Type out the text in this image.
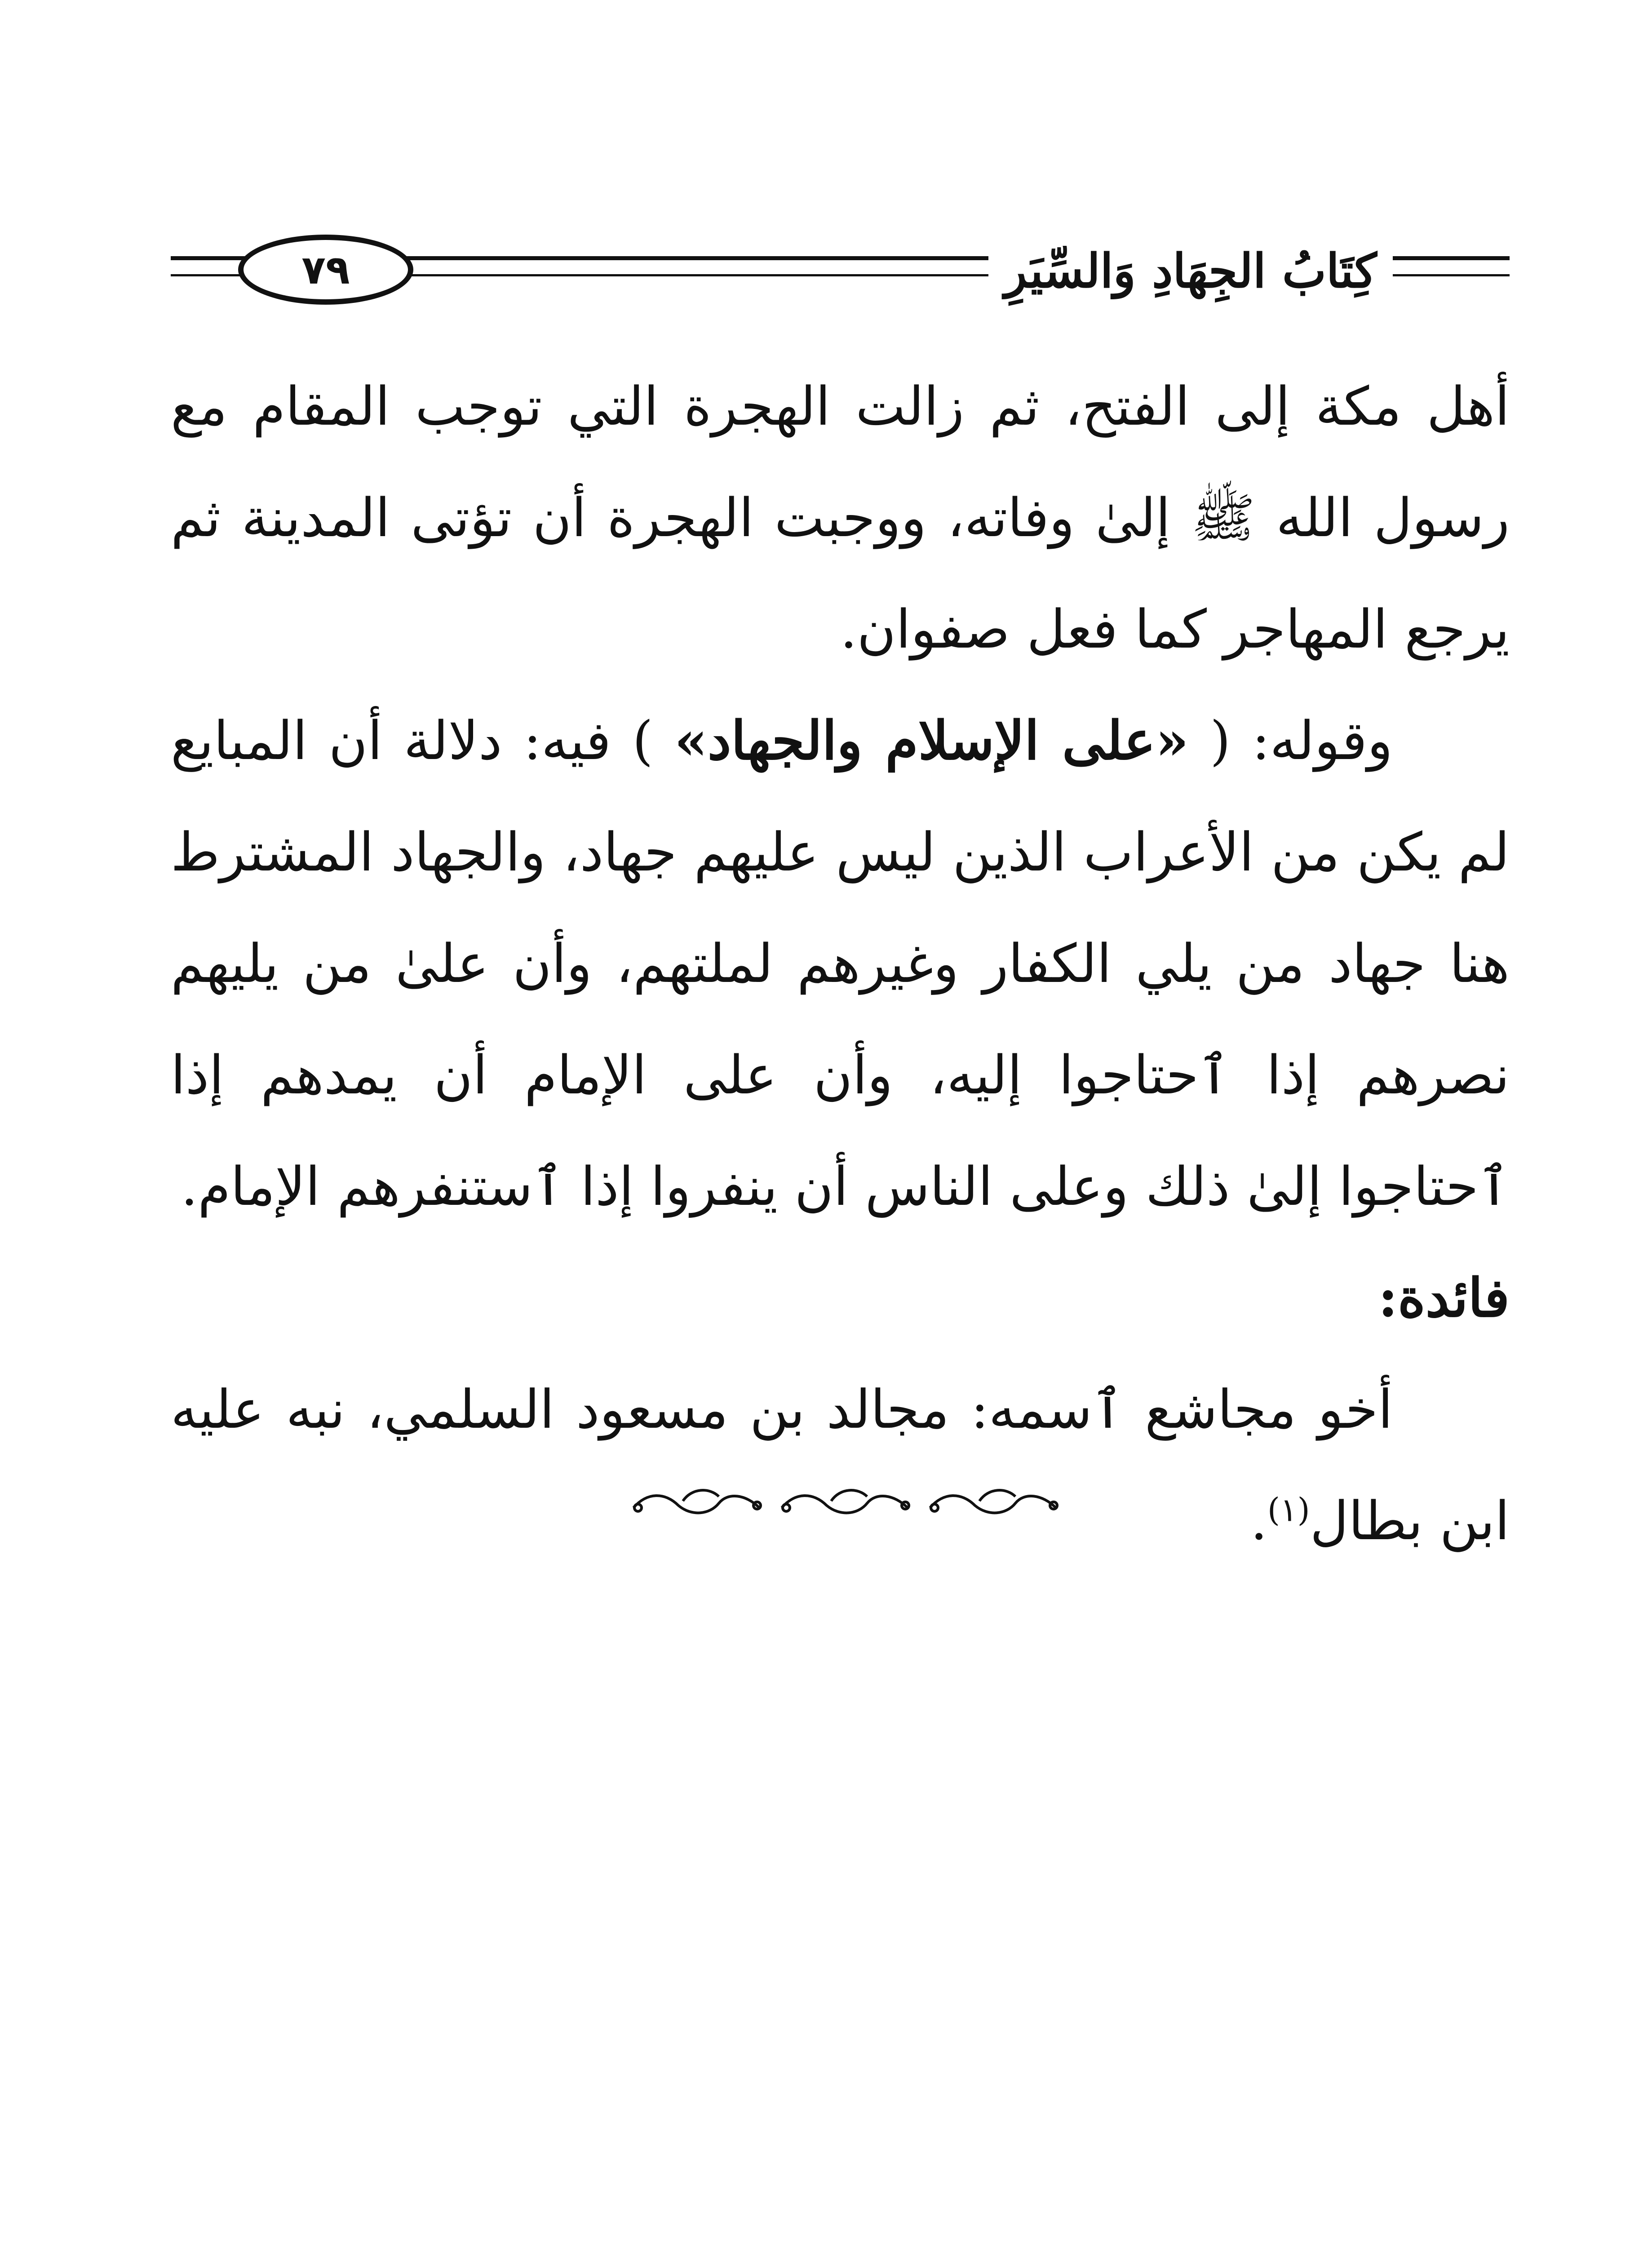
٧٩	كِتَابُ الجِهَادِ وَالسِّيَرِ

أهل مكة إلى الفتح، ثم زالت الهجرة التي توجب المقام مع رسول الله ﷺ إلىٰ وفاته، ووجبت الهجرة أن تؤتى المدينة ثم يرجع المهاجر كما فعل صفوان.

وقوله: ( «على الإسلام والجهاد» ) فيه: دلالة أن المبايع لم يكن من الأعراب الذين ليس عليهم جهاد، والجهاد المشترط هنا جهاد من يلي الكفار وغيرهم لملتهم، وأن علىٰ من يليهم نصرهم إذا ٱحتاجوا إليه، وأن على الإمام أن يمدهم إذا ٱحتاجوا إلىٰ ذلك وعلى الناس أن ينفروا إذا ٱستنفرهم الإمام.

فائدة:

أخو مجاشع ٱسمه: مجالد بن مسعود السلمي، نبه عليه ابن بطال$^{(١)}$.
